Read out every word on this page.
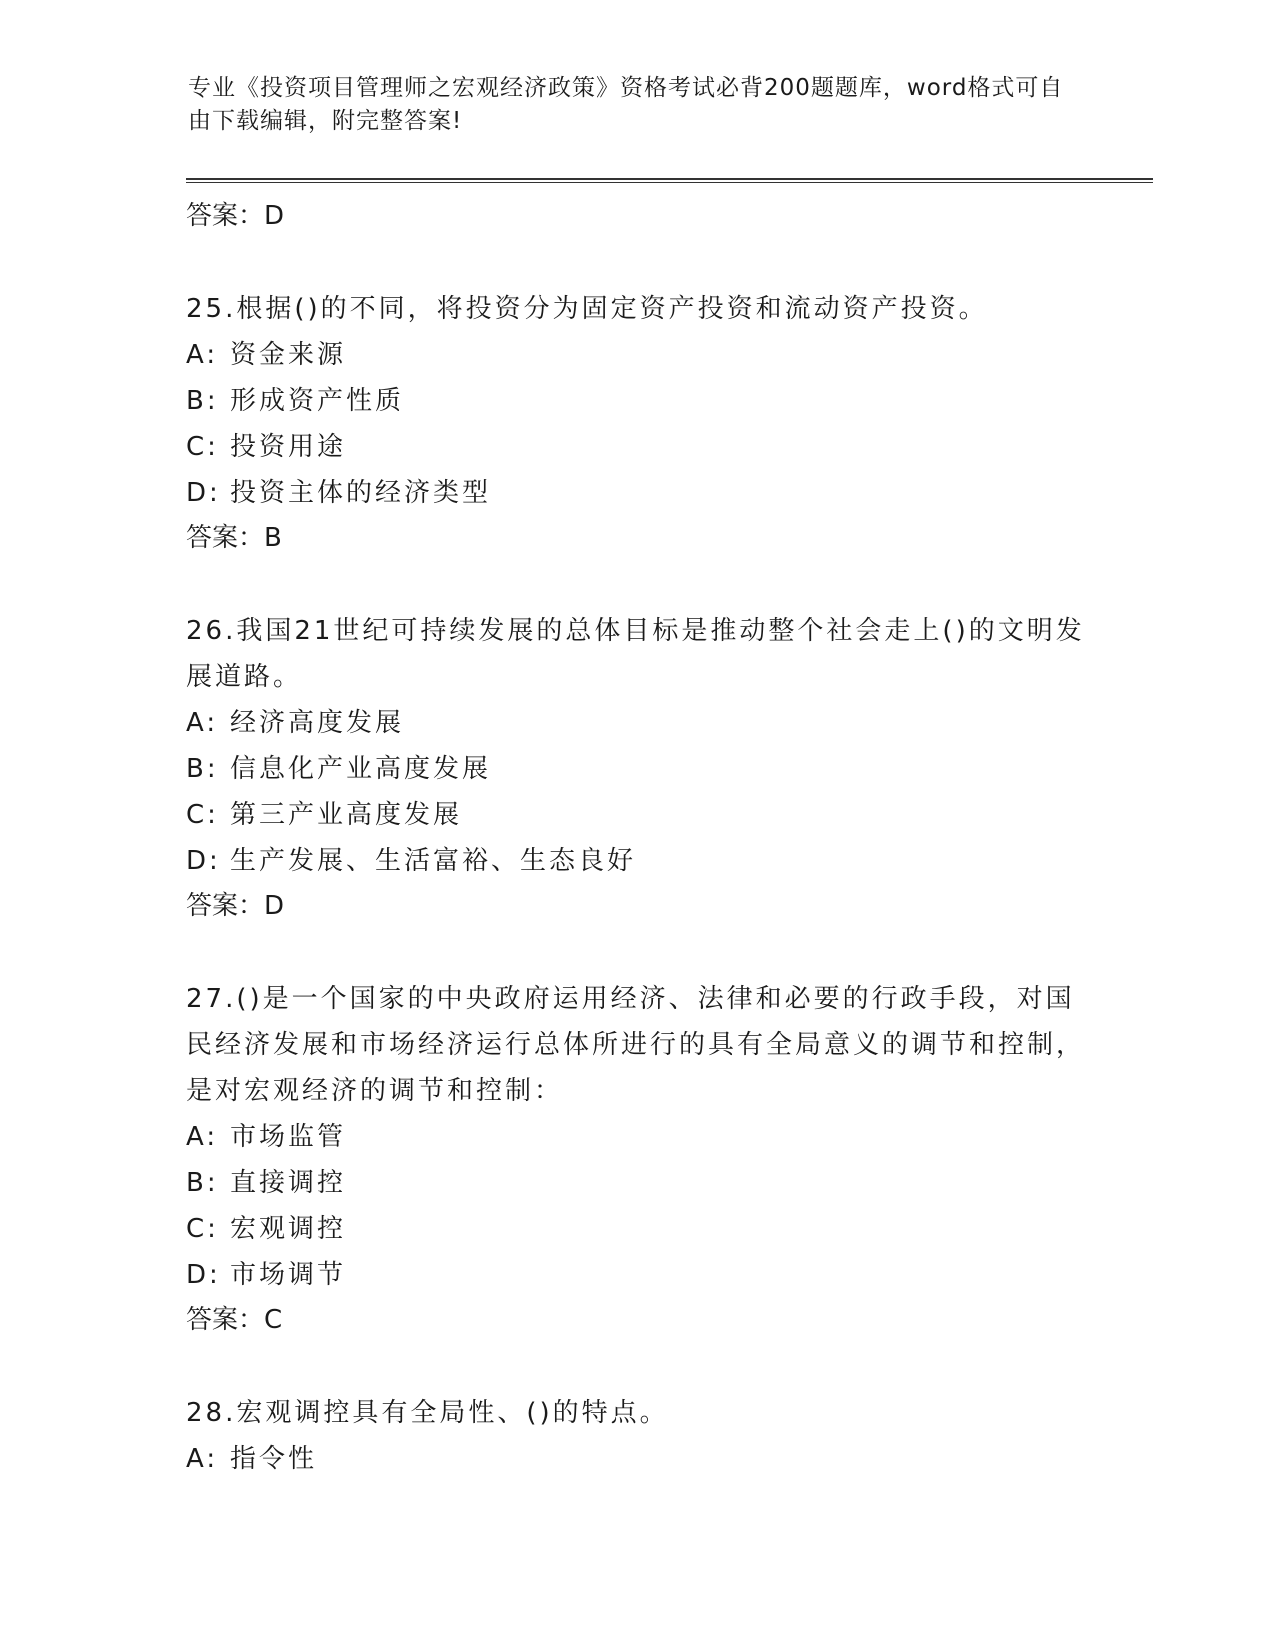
专业《投资项目管理师之宏观经济政策》资格考试必背200题题库，word格式可自由下载编辑，附完整答案!
答案：D
25.根据()的不同，将投资分为固定资产投资和流动资产投资。
A: 资金来源
B: 形成资产性质
C: 投资用途
D: 投资主体的经济类型
答案：B
26.我国21世纪可持续发展的总体目标是推动整个社会走上()的文明发展道路。
A: 经济高度发展
B: 信息化产业高度发展
C: 第三产业高度发展
D: 生产发展、生活富裕、生态良好
答案：D
27.()是一个国家的中央政府运用经济、法律和必要的行政手段，对国民经济发展和市场经济运行总体所进行的具有全局意义的调节和控制，是对宏观经济的调节和控制：
A: 市场监管
B: 直接调控
C: 宏观调控
D: 市场调节
答案：C
28.宏观调控具有全局性、()的特点。
A: 指令性
